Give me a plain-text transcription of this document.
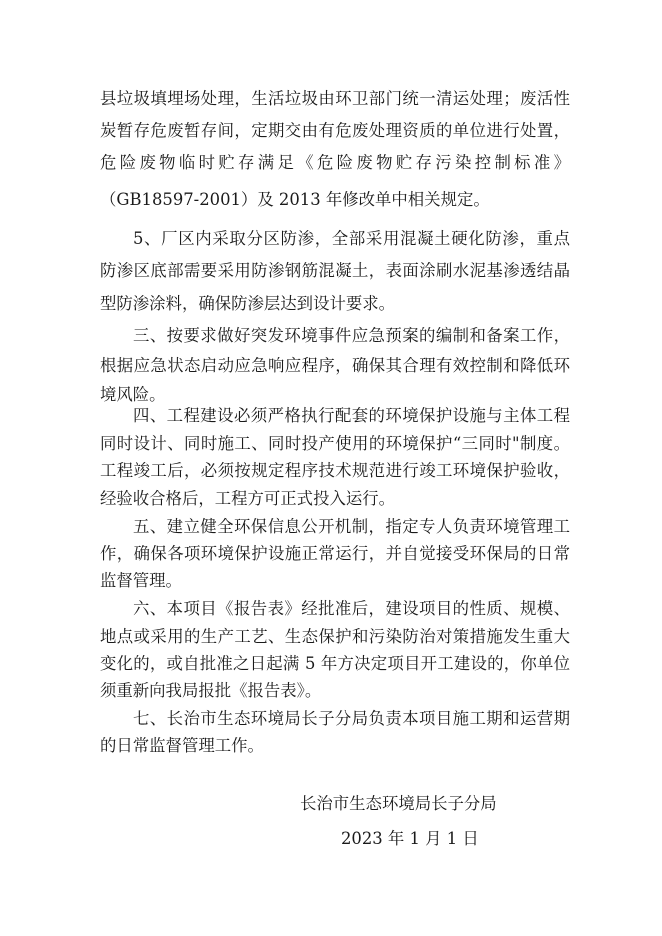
县垃圾填埋场处理，生活垃圾由环卫部门统一清运处理；废活性
炭暂存危废暂存间，定期交由有危废处理资质的单位进行处置，
危险废物临时贮存满足《危险废物贮存污染控制标准》
（GB18597-2001）及 2013 年修改单中相关规定。
5、厂区内采取分区防渗，全部采用混凝土硬化防渗，重点
防渗区底部需要采用防渗钢筋混凝土，表面涂刷水泥基渗透结晶
型防渗涂料，确保防渗层达到设计要求。
三、按要求做好突发环境事件应急预案的编制和备案工作，
根据应急状态启动应急响应程序，确保其合理有效控制和降低环
境风险。
四、工程建设必须严格执行配套的环境保护设施与主体工程
同时设计、同时施工、同时投产使用的环境保护“三同时"制度。
工程竣工后，必须按规定程序技术规范进行竣工环境保护验收，
经验收合格后，工程方可正式投入运行。
五、建立健全环保信息公开机制，指定专人负责环境管理工
作，确保各项环境保护设施正常运行，并自觉接受环保局的日常
监督管理。
六、本项目《报告表》经批准后，建设项目的性质、规模、
地点或采用的生产工艺、生态保护和污染防治对策措施发生重大
变化的，或自批准之日起满 5 年方决定项目开工建设的，你单位
须重新向我局报批《报告表》。
七、长治市生态环境局长子分局负责本项目施工期和运营期
的日常监督管理工作。
长治市生态环境局长子分局
2023 年 1 月 1 日
